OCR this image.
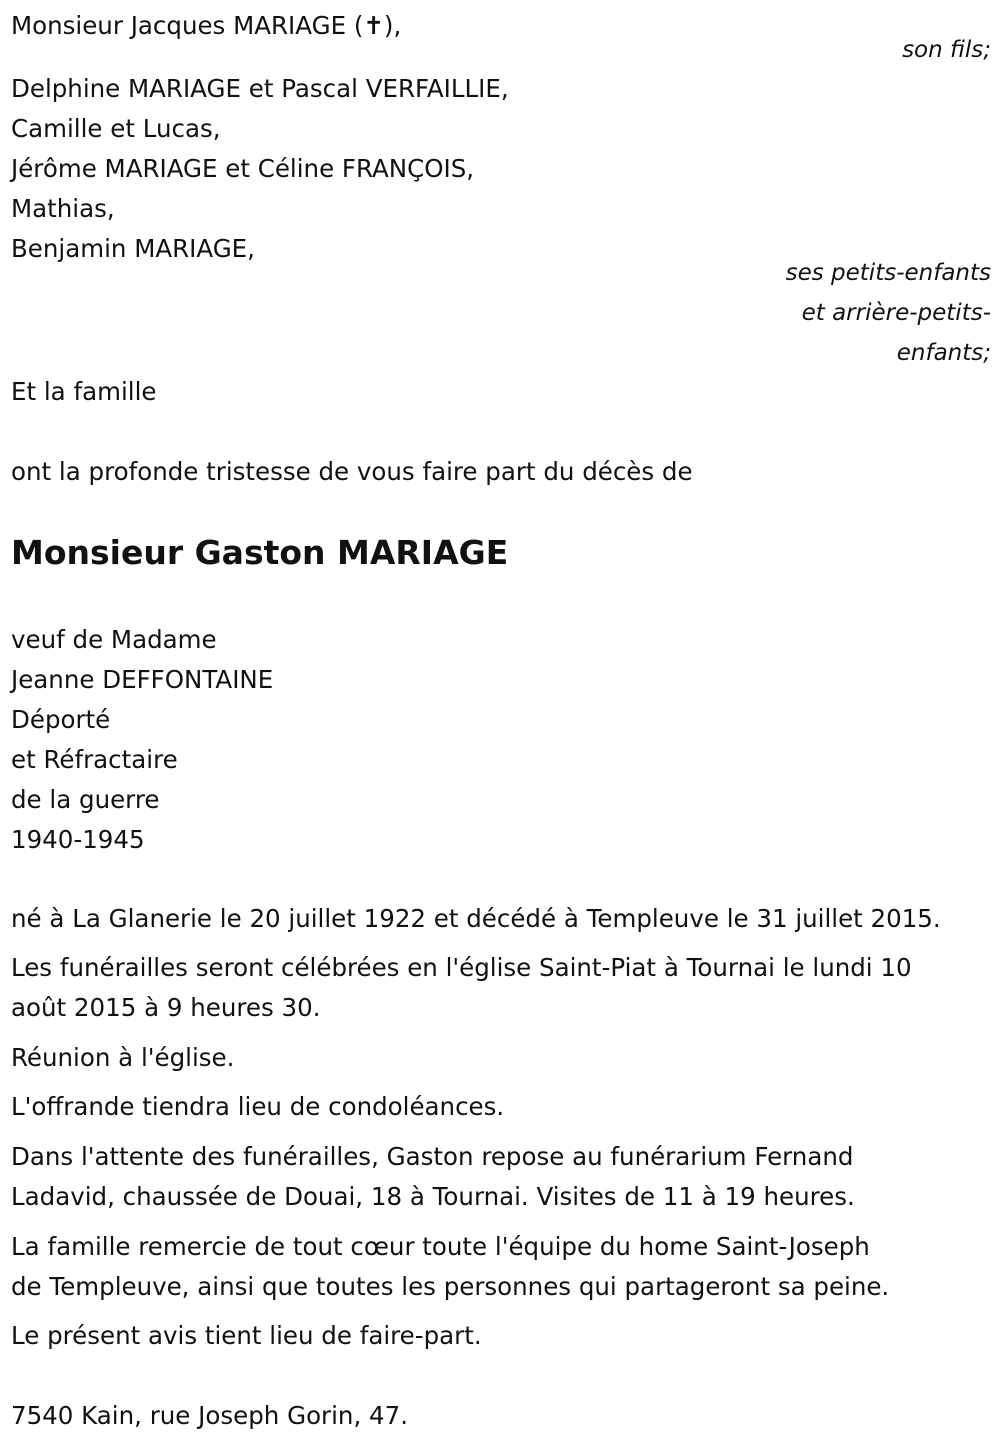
Monsieur Jacques MARIAGE (✝),
son fils;
Delphine MARIAGE et Pascal VERFAILLIE,
Camille et Lucas,
Jérôme MARIAGE et Céline FRANÇOIS,
Mathias,
Benjamin MARIAGE,
ses petits-enfants
et arrière-petits-
enfants;
Et la famille
ont la profonde tristesse de vous faire part du décès de
Monsieur Gaston MARIAGE
veuf de Madame
Jeanne DEFFONTAINE
Déporté
et Réfractaire
de la guerre
1940-1945
né à La Glanerie le 20 juillet 1922 et décédé à Templeuve le 31 juillet 2015.
Les funérailles seront célébrées en l'église Saint-Piat à Tournai le lundi 10
août 2015 à 9 heures 30.
Réunion à l'église.
L'offrande tiendra lieu de condoléances.
Dans l'attente des funérailles, Gaston repose au funérarium Fernand
Ladavid, chaussée de Douai, 18 à Tournai. Visites de 11 à 19 heures.
La famille remercie de tout cœur toute l'équipe du home Saint-Joseph
de Templeuve, ainsi que toutes les personnes qui partageront sa peine.
Le présent avis tient lieu de faire-part.
7540 Kain, rue Joseph Gorin, 47.
